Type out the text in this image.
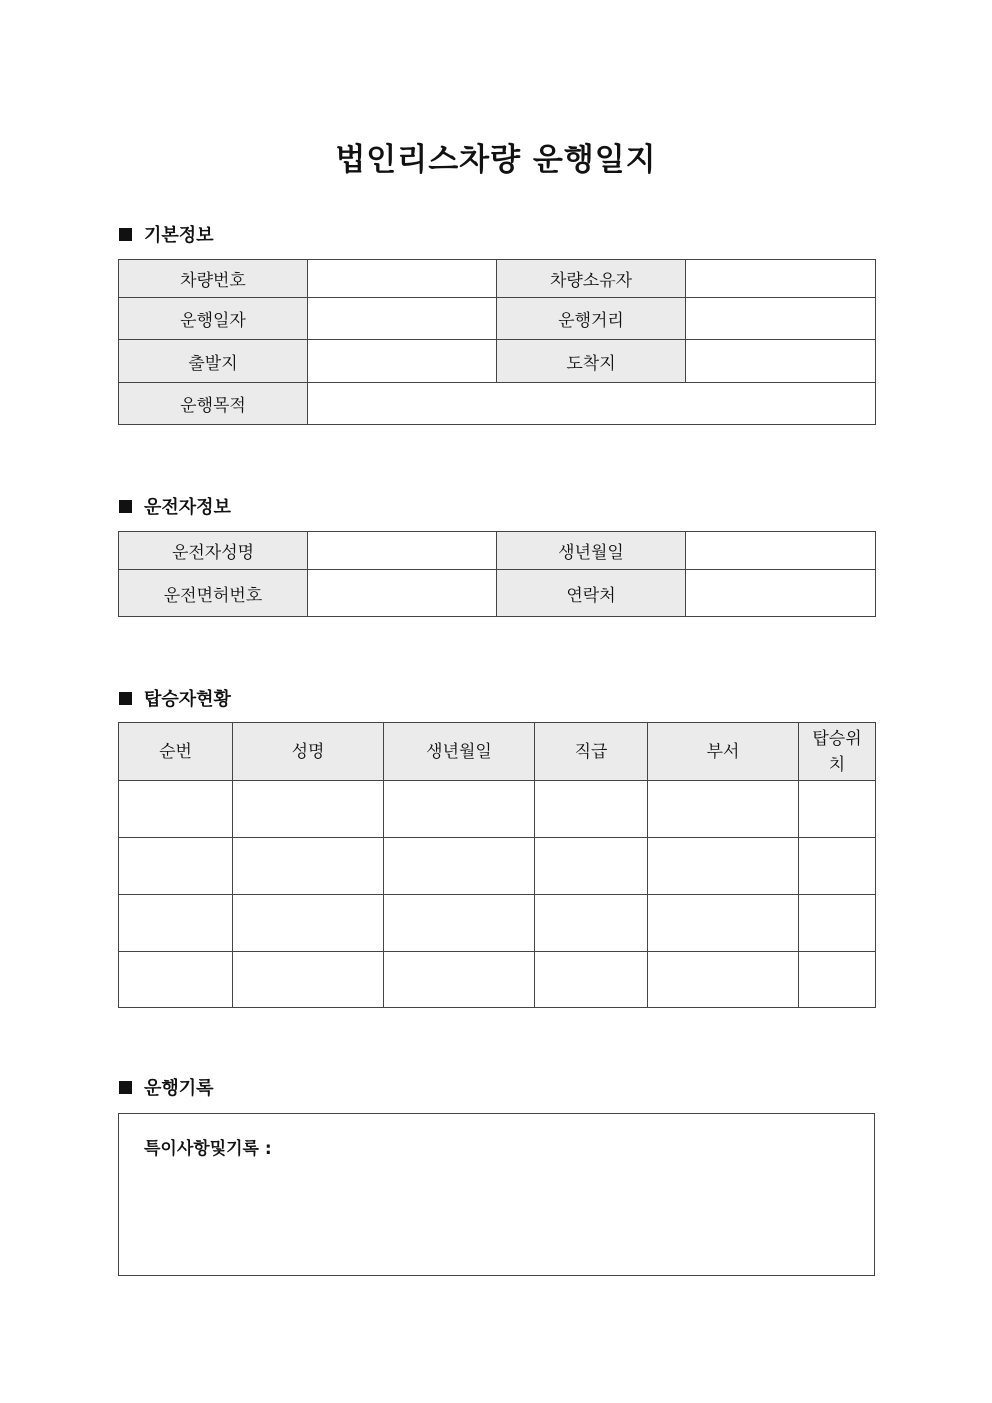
법인리스차량 운행일지
기본정보
차량번호		차량소유자	
운행일자		운행거리	
출발지		도착지	
운행목적			
운전자정보
운전자성명		생년월일	
운전면허번호		연락처	
탑승자현황
순번	성명	생년월일	직급	부서	탑승위치

운행기록
특이사항및기록 :
